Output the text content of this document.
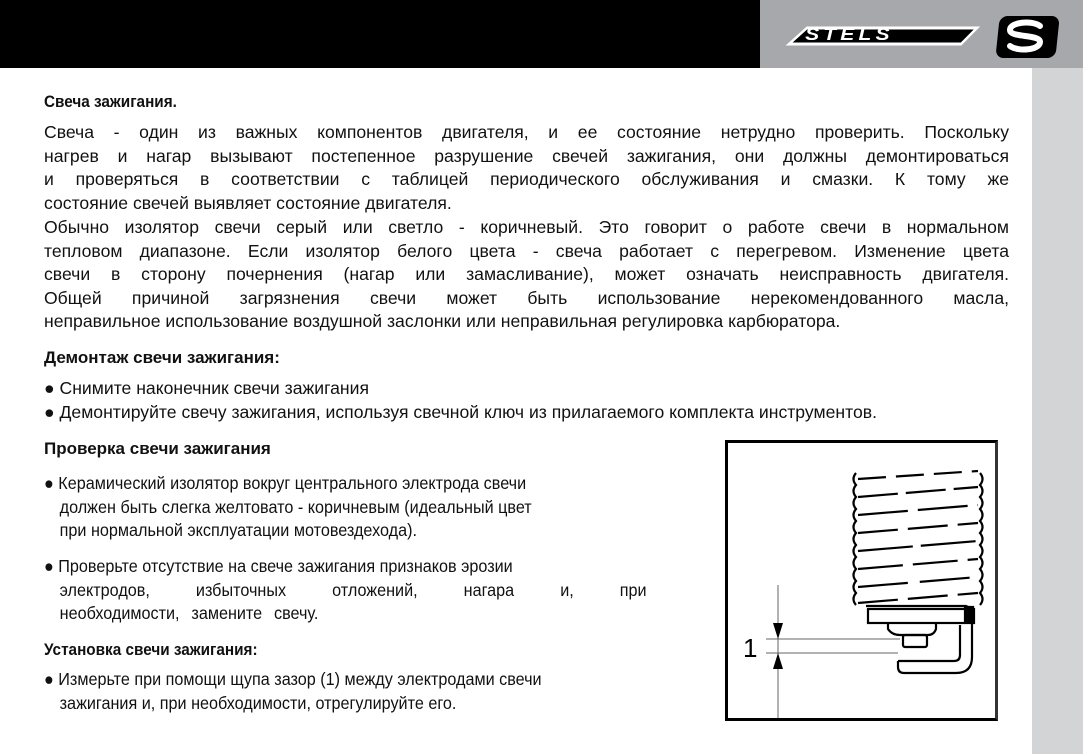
STELS
Свеча зажигания.
Свеча - один из важных компонентов двигателя, и ее состояние нетрудно проверить. Поскольку
нагрев и нагар вызывают постепенное разрушение свечей зажигания, они должны демонтироваться
и проверяться в соответствии с таблицей периодического обслуживания и смазки. К тому же
состояние свечей выявляет состояние двигателя.
Обычно изолятор свечи серый или светло - коричневый. Это говорит о работе свечи в нормальном
тепловом диапазоне. Если изолятор белого цвета - свеча работает с перегревом. Изменение цвета
свечи в сторону почернения (нагар или замасливание), может означать неисправность двигателя.
Общей причиной загрязнения свечи может быть использование нерекомендованного масла,
неправильное использование воздушной заслонки или неправильная регулировка карбюратора.
Демонтаж свечи зажигания:
● Снимите наконечник свечи зажигания
● Демонтируйте свечу зажигания, используя свечной ключ из прилагаемого комплекта инструментов.
Проверка свечи зажигания
● Керамический изолятор вокруг центрального электрода свечи
должен быть слегка желтовато - коричневым (идеальный цвет
при нормальной эксплуатации мотовездехода).
● Проверьте отсутствие на свече зажигания признаков эрозии
электродов, избыточных отложений, нагара и, при
необходимости, замените свечу.
Установка свечи зажигания:
● Измерьте при помощи щупа зазор (1) между электродами свечи
зажигания и, при необходимости, отрегулируйте его.
1
